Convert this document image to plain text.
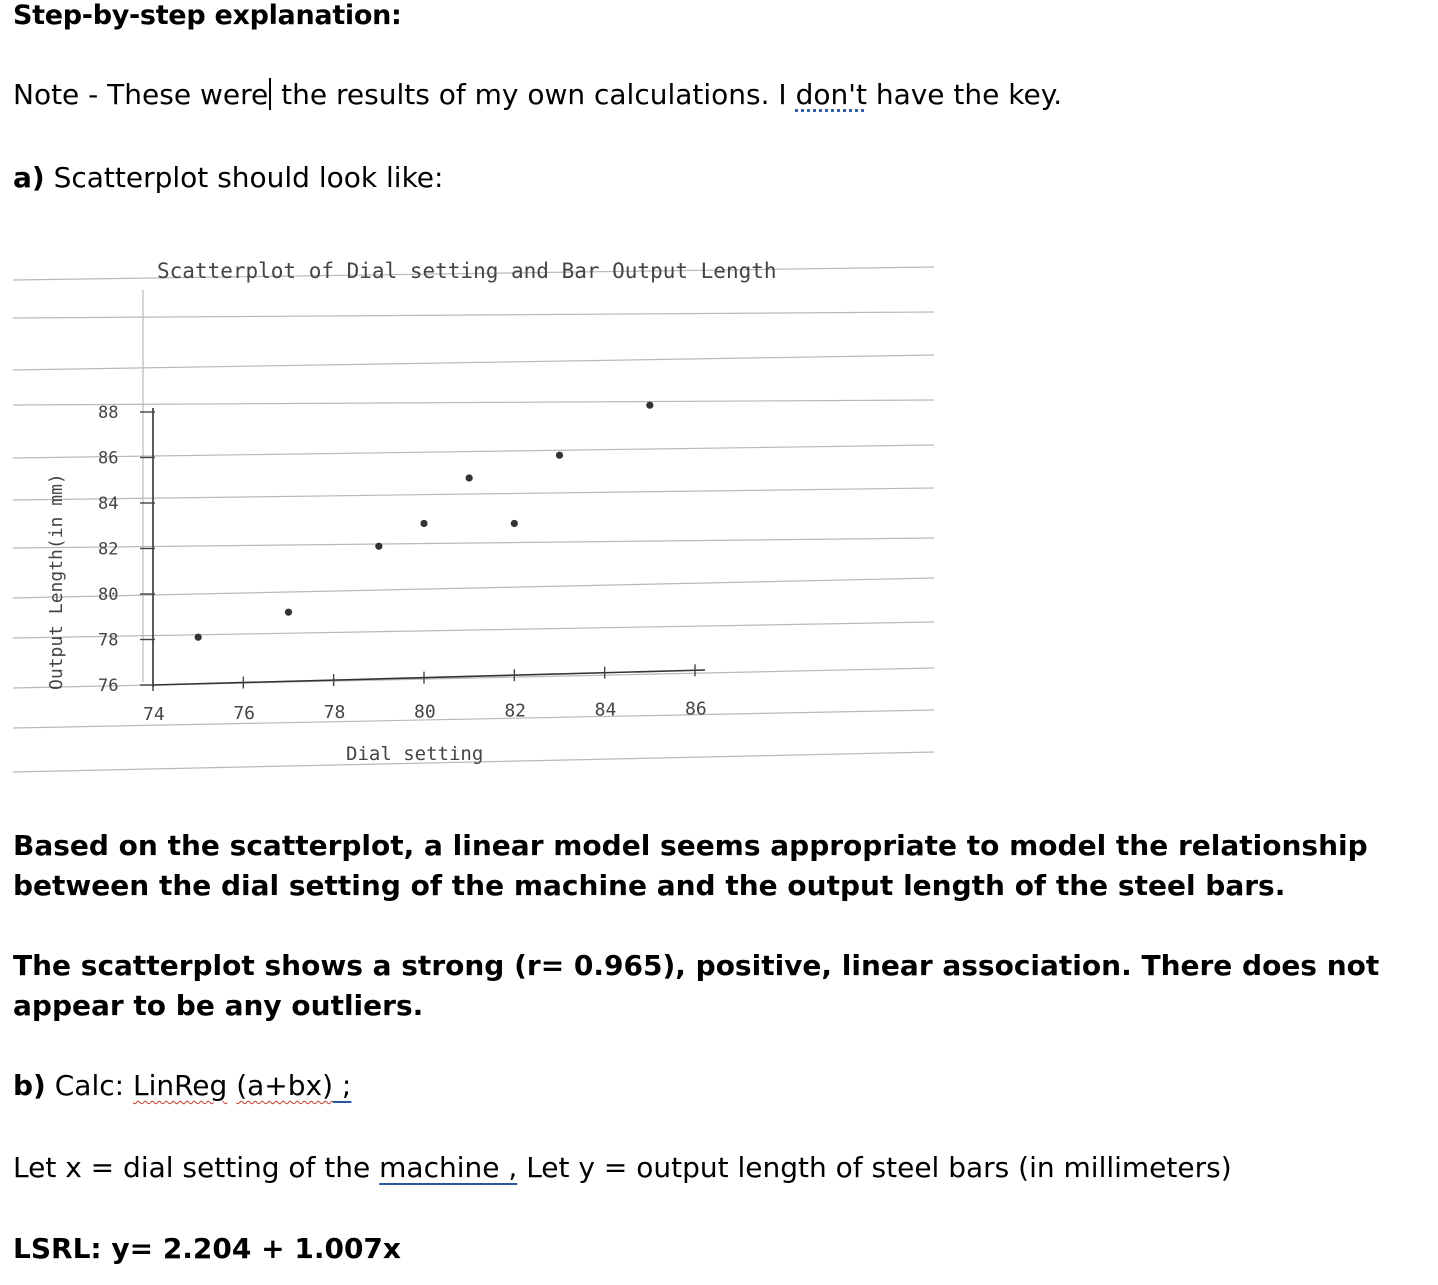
Step-by-step explanation:
Note - These were the results of my own calculations. I don't have the key.
a) Scatterplot should look like:
Scatterplot of Dial setting and Bar Output Length
Output Length(in mm)
Dial setting
76
78
80
82
84
86
88
74	76	78	80	82	84	86

Based on the scatterplot, a linear model seems appropriate to model the relationship between the dial setting of the machine and the output length of the steel bars.

The scatterplot shows a strong (r= 0.965), positive, linear association. There does not appear to be any outliers.

b) Calc: LinReg (a+bx) ;
Let x = dial setting of the machine , Let y = output length of steel bars (in millimeters)
LSRL: y= 2.204 + 1.007x
